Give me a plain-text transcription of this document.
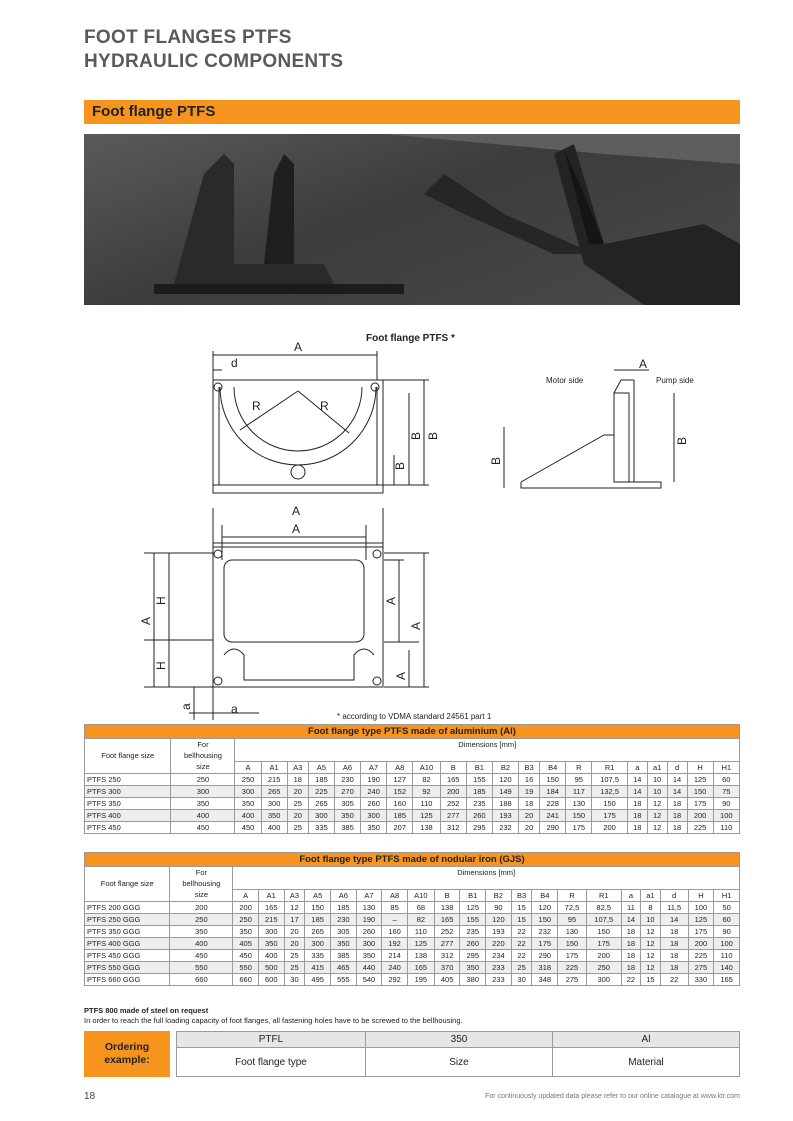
FOOT FLANGES PTFS
HYDRAULIC COMPONENTS
Foot flange PTFS
A
d
R	R
B B
B
A
B
B
A
A
A
H
H
A
A
A
a	a
Motor side	Pump side
Foot flange PTFS *
* according to VDMA standard 24561 part 1
Foot flange type PTFS made of aluminium (Al)																					
	For	Dimensions [mm]																			
Foot flange size	bellhousing																				
	size	A	A1	A3	A5	A6	A7	A8	A10	B	B1	B2	B3	B4	R	R1	a	a1	d	H	H1
PTFS 250	250	250	215	18	185	230	190	127	82	165	155	120	16	150	95	107,5	14	10	14	125	60
PTFS 300	300	300	265	20	225	270	240	152	92	200	185	149	19	184	117	132,5	14	10	14	150	75
PTFS 350	350	350	300	25	265	305	260	160	110	252	235	188	18	228	130	150	18	12	18	175	90
PTFS 400	400	400	350	20	300	350	300	185	125	277	260	193	20	241	150	175	18	12	18	200	100
PTFS 450	450	450	400	25	335	385	350	207	138	312	295	232	20	290	175	200	18	12	18	225	110
Foot flange type PTFS made of nodular iron (GJS)																					
	For	Dimensions [mm]																			
Foot flange size	bellhousing																				
	size	A	A1	A3	A5	A6	A7	A8	A10	B	B1	B2	B3	B4	R	R1	a	a1	d	H	H1
PTFS 200 GGG	200	200	165	12	150	185	130	85	68	138	125	90	15	120	72,5	82,5	11	8	11,5	100	50
PTFS 250 GGG	250	250	215	17	185	230	190	–	82	165	155	120	15	150	95	107,5	14	10	14	125	60
PTFS 350 GGG	350	350	300	20	265	305	260	160	110	252	235	193	22	232	130	150	18	12	18	175	90
PTFS 400 GGG	400	405	350	20	300	350	300	192	125	277	260	220	22	175	150	175	18	12	18	200	100
PTFS 450 GGG	450	450	400	25	335	385	350	214	138	312	295	234	22	290	175	200	18	12	18	225	110
PTFS 550 GGG	550	550	500	25	415	465	440	240	165	370	350	233	25	318	225	250	18	12	18	275	140
PTFS 660 GGG	660	660	600	30	495	555	540	292	195	405	380	233	30	348	275	300	22	15	22	330	165
PTFS 800 made of steel on request
In order to reach the full loading capacity of foot flanges, all fastening holes have to be screwed to the bellhousing.
Ordering example:
PTFL	350	Al
Foot flange type	Size	Material
18	For continuously updated data please refer to our online catalogue at www.ktr.com
